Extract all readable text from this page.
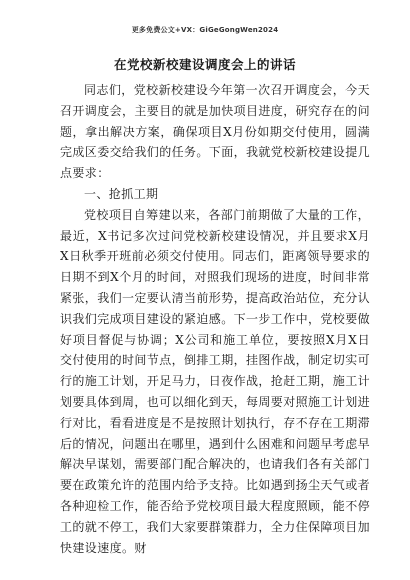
更多免费公文+VX：GiGeGongWen2024
在党校新校建设调度会上的讲话

同志们，党校新校建设今年第一次召开调度会，今天召开调度会，主要目的就是加快项目进度，研究存在的问题，拿出解决方案，确保项目X月份如期交付使用，圆满完成区委交给我们的任务。下面，我就党校新校建设提几点要求：

一、抢抓工期

党校项目自筹建以来，各部门前期做了大量的工作，最近，X书记多次过问党校新校建设情况，并且要求X月X日秋季开班前必须交付使用。同志们，距离领导要求的日期不到X个月的时间，对照我们现场的进度，时间非常紧张，我们一定要认清当前形势，提高政治站位，充分认识我们完成项目建设的紧迫感。下一步工作中，党校要做好项目督促与协调；X公司和施工单位，要按照X月X日交付使用的时间节点，倒排工期，挂图作战，制定切实可行的施工计划，开足马力，日夜作战，抢赶工期，施工计划要具体到周，也可以细化到天，每周要对照施工计划进行对比，看看进度是不是按照计划执行，存不存在工期滞后的情况，问题出在哪里，遇到什么困难和问题早考虑早解决早谋划，需要部门配合解决的，也请我们各有关部门要在政策允许的范围内给予支持。比如遇到扬尘天气或者各种迎检工作，能否给予党校项目最大程度照顾，能不停工的就不停工，我们大家要群策群力，全力住保障项目加快建设速度。财
